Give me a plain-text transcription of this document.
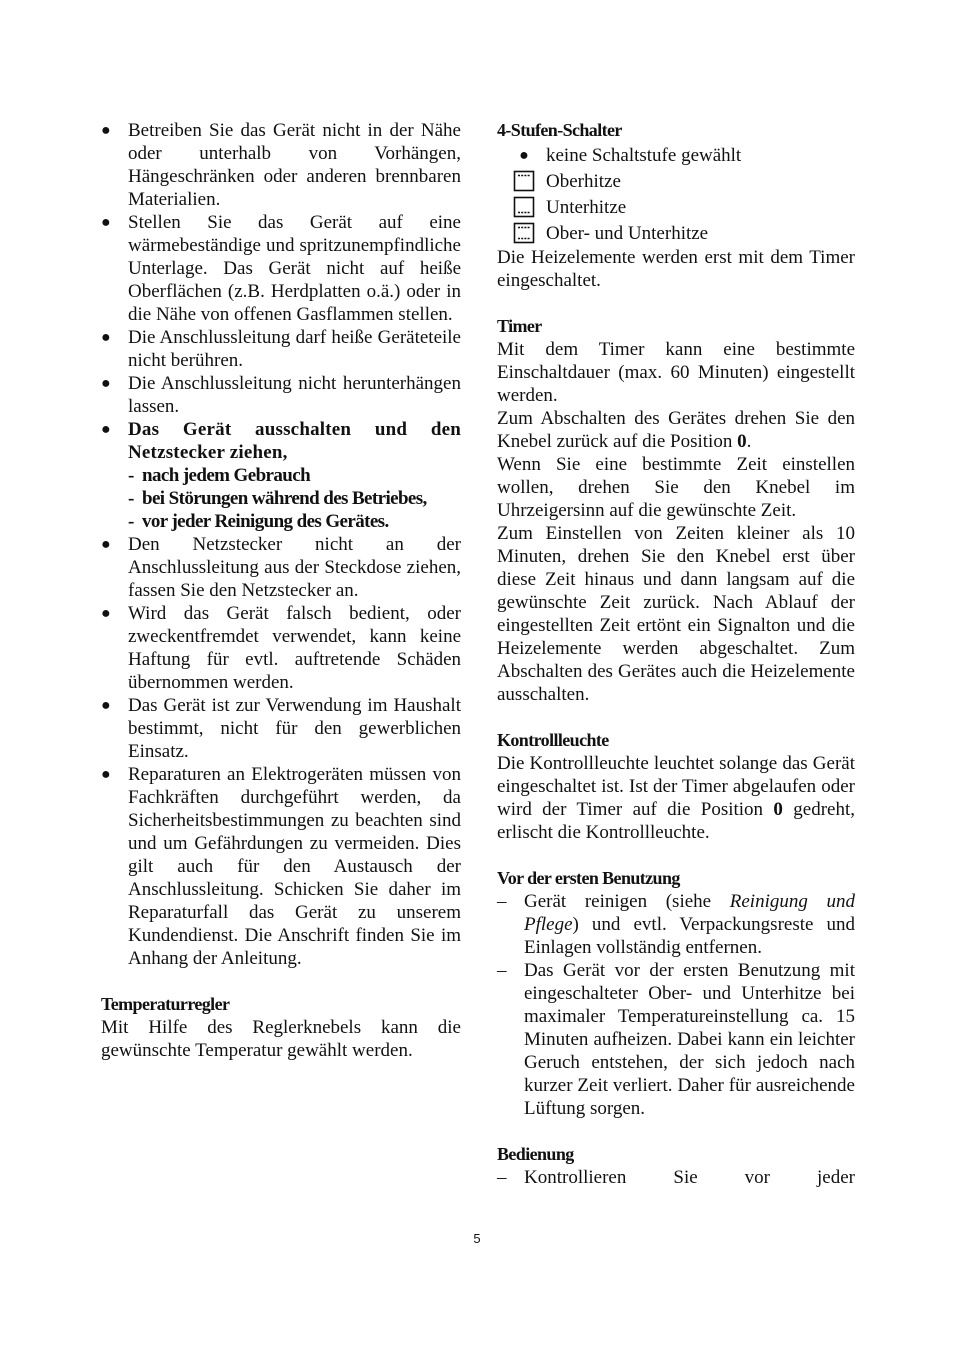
● Betreiben Sie das Gerät nicht in der Nähe oder unterhalb von Vorhängen, Hängeschränken oder anderen brennbaren Materialien.
● Stellen Sie das Gerät auf eine wärmebeständige und spritzunempfindliche Unterlage. Das Gerät nicht auf heiße Oberflächen (z.B. Herdplatten o.ä.) oder in die Nähe von offenen Gasflammen stellen.
● Die Anschlussleitung darf heiße Geräteteile nicht berühren.
● Die Anschlussleitung nicht herunterhängen lassen.
● Das Gerät ausschalten und den Netzstecker ziehen,
- nach jedem Gebrauch
- bei Störungen während des Betriebes,
- vor jeder Reinigung des Gerätes.
● Den Netzstecker nicht an der Anschlussleitung aus der Steckdose ziehen, fassen Sie den Netzstecker an.
● Wird das Gerät falsch bedient, oder zweckentfremdet verwendet, kann keine Haftung für evtl. auftretende Schäden übernommen werden.
● Das Gerät ist zur Verwendung im Haushalt bestimmt, nicht für den gewerblichen Einsatz.
● Reparaturen an Elektrogeräten müssen von Fachkräften durchgeführt werden, da Sicherheitsbestimmungen zu beachten sind und um Gefährdungen zu vermeiden. Dies gilt auch für den Austausch der Anschlussleitung. Schicken Sie daher im Reparaturfall das Gerät zu unserem Kundendienst. Die Anschrift finden Sie im Anhang der Anleitung.
Temperaturregler

Mit Hilfe des Reglerknebels kann die gewünschte Temperatur gewählt werden.

4-Stufen-Schalter
● keine Schaltstufe gewählt
Oberhitze
Unterhitze
Ober- und Unterhitze

Die Heizelemente werden erst mit dem Timer eingeschaltet.

Timer

Mit dem Timer kann eine bestimmte Einschaltdauer (max. 60 Minuten) eingestellt werden.

Zum Abschalten des Gerätes drehen Sie den Knebel zurück auf die Position 0.

Wenn Sie eine bestimmte Zeit einstellen wollen, drehen Sie den Knebel im Uhrzeigersinn auf die gewünschte Zeit.

Zum Einstellen von Zeiten kleiner als 10 Minuten, drehen Sie den Knebel erst über diese Zeit hinaus und dann langsam auf die gewünschte Zeit zurück. Nach Ablauf der eingestellten Zeit ertönt ein Signalton und die Heizelemente werden abgeschaltet. Zum Abschalten des Gerätes auch die Heizelemente ausschalten.

Kontrollleuchte

Die Kontrollleuchte leuchtet solange das Gerät eingeschaltet ist. Ist der Timer abgelaufen oder wird der Timer auf die Position 0 gedreht, erlischt die Kontrollleuchte.

Vor der ersten Benutzung
– Gerät reinigen (siehe Reinigung und Pflege) und evtl. Verpackungsreste und Einlagen vollständig entfernen.
– Das Gerät vor der ersten Benutzung mit eingeschalteter Ober- und Unterhitze bei maximaler Temperatureinstellung ca. 15 Minuten aufheizen. Dabei kann ein leichter Geruch entstehen, der sich jedoch nach kurzer Zeit verliert. Daher für ausreichende Lüftung sorgen.
Bedienung
– Kontrollieren Sie vor jeder
5
